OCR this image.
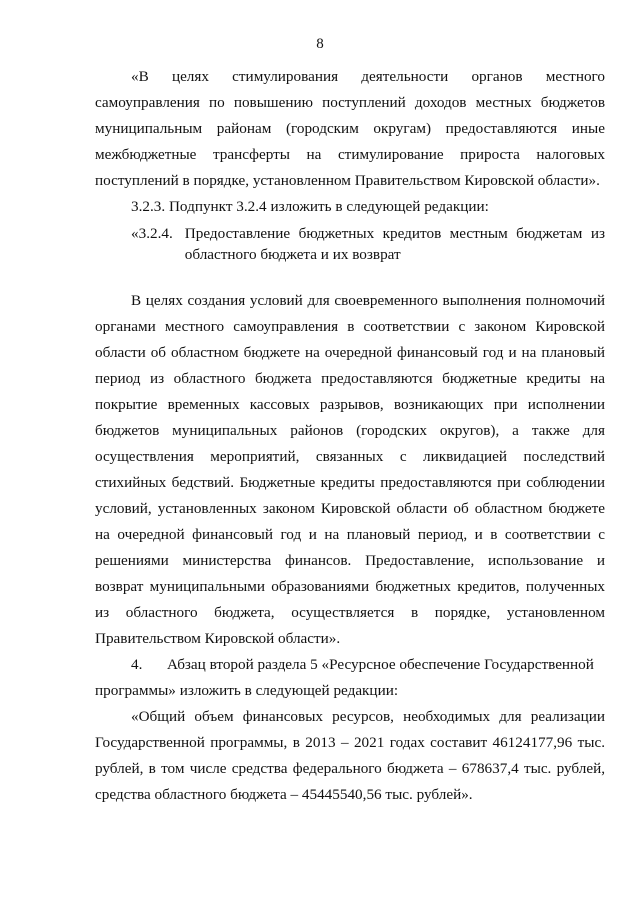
8

«В целях стимулирования деятельности органов местного самоуправления по повышению поступлений доходов местных бюджетов муниципальным районам (городским округам) предоставляются иные межбюджетные трансферты на стимулирование прироста налоговых поступлений в порядке, установленном Правительством Кировской области».

3.2.3. Подпункт 3.2.4 изложить в следующей редакции:

«3.2.4. Предоставление бюджетных кредитов местным бюджетам из областного бюджета и их возврат

В целях создания условий для своевременного выполнения полномочий органами местного самоуправления в соответствии с законом Кировской области об областном бюджете на очередной финансовый год и на плановый период из областного бюджета предоставляются бюджетные кредиты на покрытие временных кассовых разрывов, возникающих при исполнении бюджетов муниципальных районов (городских округов), а также для осуществления мероприятий, связанных с ликвидацией последствий стихийных бедствий. Бюджетные кредиты предоставляются при соблюдении условий, установленных законом Кировской области об областном бюджете на очередной финансовый год и на плановый период, и в соответствии с решениями министерства финансов. Предоставление, использование и возврат муниципальными образованиями бюджетных кредитов, полученных из областного бюджета, осуществляется в порядке, установленном Правительством Кировской области».

4.	Абзац второй раздела 5 «Ресурсное обеспечение Государственной

программы» изложить в следующей редакции:

«Общий объем финансовых ресурсов, необходимых для реализации Государственной программы, в 2013 – 2021 годах составит 46124177,96 тыс. рублей, в том числе средства федерального бюджета – 678637,4 тыс. рублей, средства областного бюджета – 45445540,56 тыс. рублей».
